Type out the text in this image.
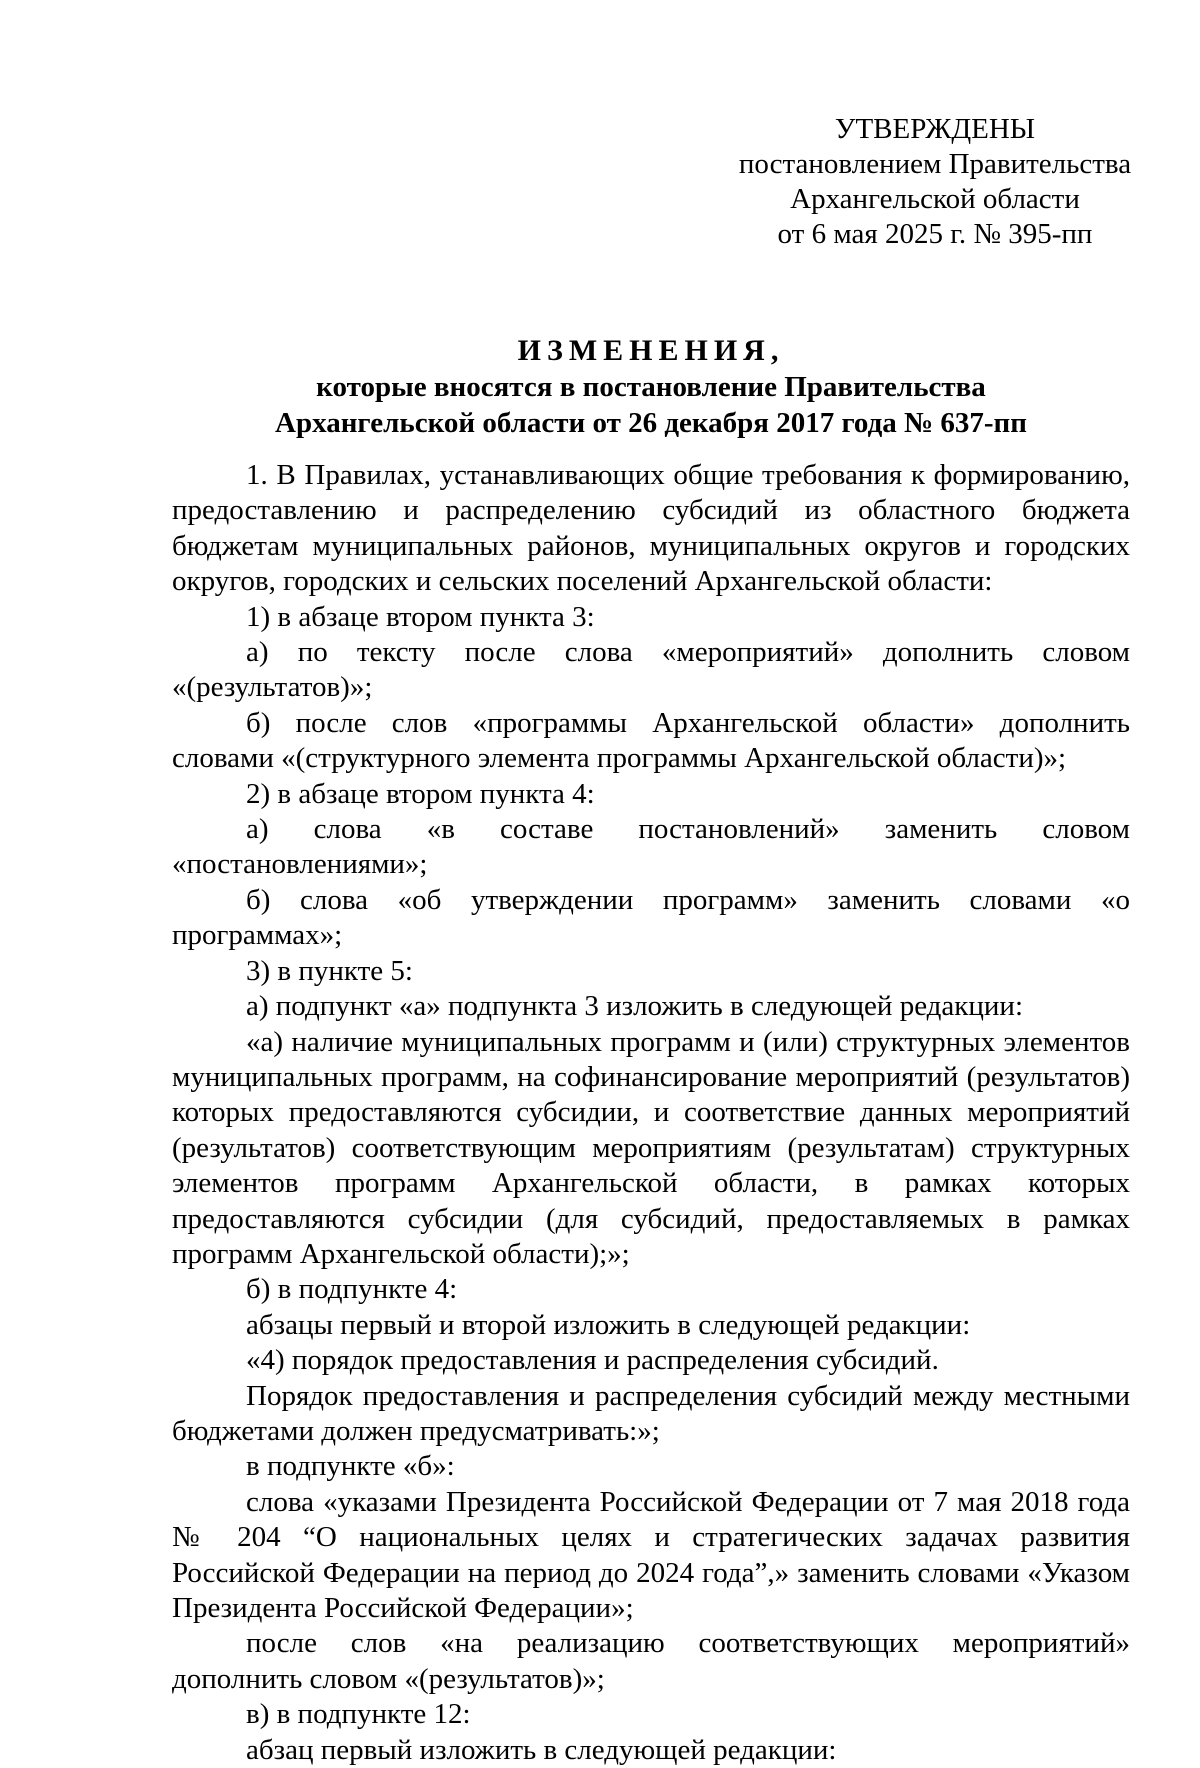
УТВЕРЖДЕНЫ
постановлением Правительства
Архангельской области
от 6 мая 2025 г. № 395-пп
ИЗМЕНЕНИЯ,
которые вносятся в постановление Правительства
Архангельской области от 26 декабря 2017 года № 637-пп

1. В Правилах, устанавливающих общие требования к формированию, предоставлению и распределению субсидий из областного бюджета бюджетам муниципальных районов, муниципальных округов и городских округов, городских и сельских поселений Архангельской области:

1) в абзаце втором пункта 3:

а) по тексту после слова «мероприятий» дополнить словом «(результатов)»;

б) после слов «программы Архангельской области» дополнить словами «(структурного элемента программы Архангельской области)»;

2) в абзаце втором пункта 4:

а) слова «в составе постановлений» заменить словом «постановлениями»;

б) слова «об утверждении программ» заменить словами «о программах»;

3) в пункте 5:

а) подпункт «а» подпункта 3 изложить в следующей редакции:

«а) наличие муниципальных программ и (или) структурных элементов муниципальных программ, на софинансирование мероприятий (результатов) которых предоставляются субсидии, и соответствие данных мероприятий (результатов) соответствующим мероприятиям (результатам) структурных элементов программ Архангельской области, в рамках которых предоставляются субсидии (для субсидий, предоставляемых в рамках программ Архангельской области);»;

б) в подпункте 4:

абзацы первый и второй изложить в следующей редакции:

«4) порядок предоставления и распределения субсидий.

Порядок предоставления и распределения субсидий между местными бюджетами должен предусматривать:»;

в подпункте «б»:

слова «указами Президента Российской Федерации от 7 мая 2018 года № 204 “О национальных целях и стратегических задачах развития Российской Федерации на период до 2024 года”,» заменить словами «Указом Президента Российской Федерации»;

после слов «на реализацию соответствующих мероприятий» дополнить словом «(результатов)»;

в) в подпункте 12:

абзац первый изложить в следующей редакции:
